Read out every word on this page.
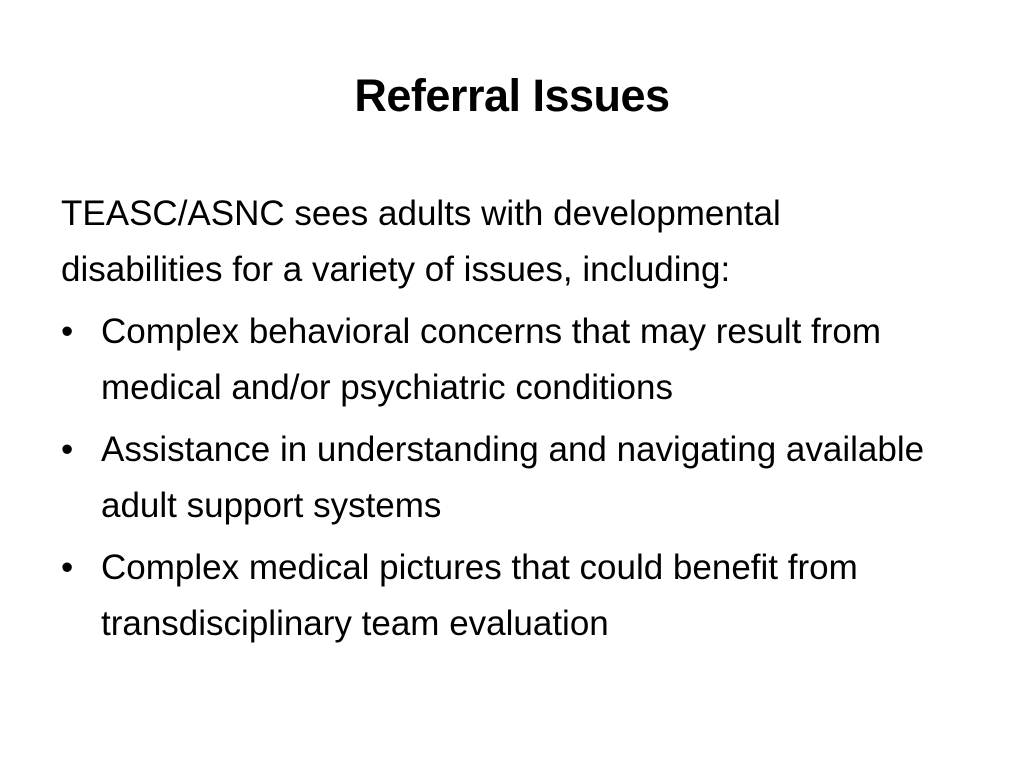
Referral Issues

TEASC/ASNC sees adults with developmental disabilities for a variety of issues, including:

• Complex behavioral concerns that may result from medical and/or psychiatric conditions
• Assistance in understanding and navigating available adult support systems
• Complex medical pictures that could benefit from transdisciplinary team evaluation
